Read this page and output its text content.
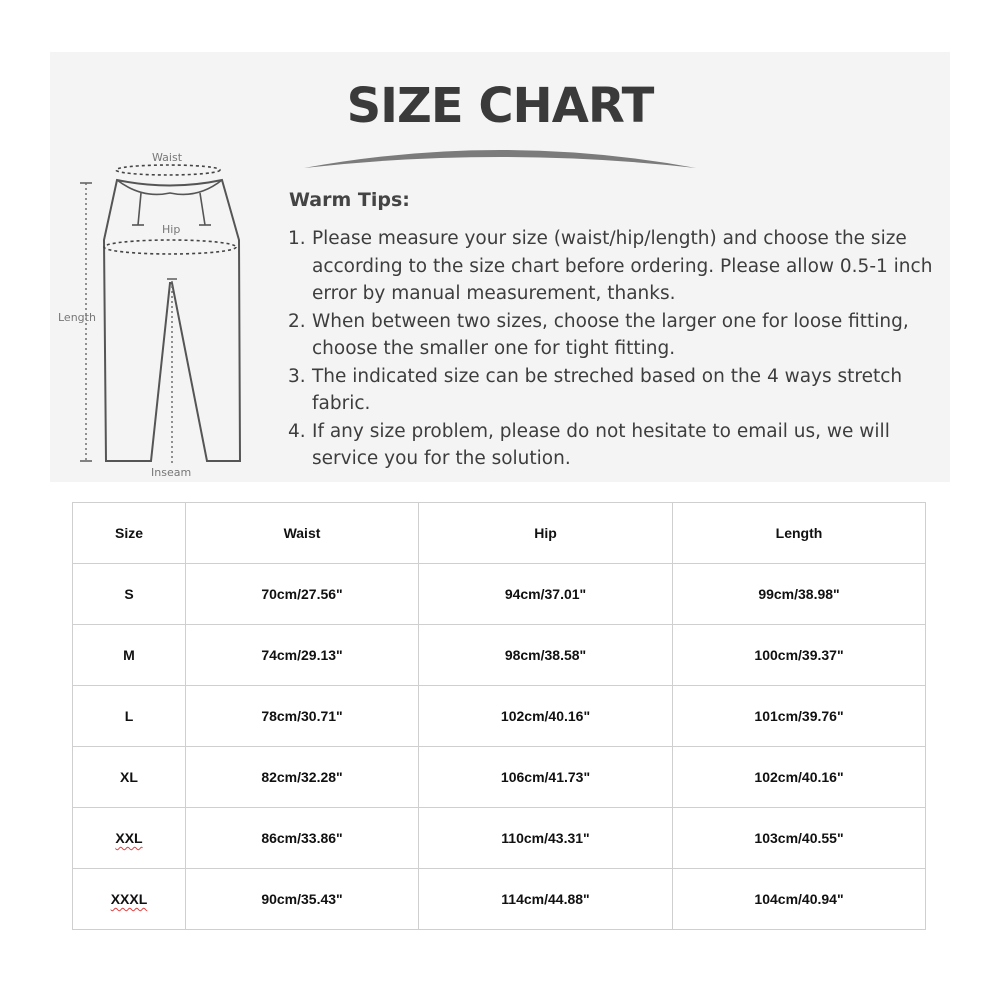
SIZE CHART
Waist
Hip
Length
Inseam
Warm Tips:
1. Please measure your size (waist/hip/length) and choose the size according to the size chart before ordering. Please allow 0.5-1 inch error by manual measurement, thanks.
2. When between two sizes, choose the larger one for loose fitting, choose the smaller one for tight fitting.
3. The indicated size can be streched based on the 4 ways stretch fabric.
4. If any size problem, please do not hesitate to email us, we will service you for the solution.
Size	Waist	Hip	Length
S	70cm/27.56"	94cm/37.01"	99cm/38.98"
M	74cm/29.13"	98cm/38.58"	100cm/39.37"
L	78cm/30.71"	102cm/40.16"	101cm/39.76"
XL	82cm/32.28"	106cm/41.73"	102cm/40.16"
XXL	86cm/33.86"	110cm/43.31"	103cm/40.55"
XXXL	90cm/35.43"	114cm/44.88"	104cm/40.94"
